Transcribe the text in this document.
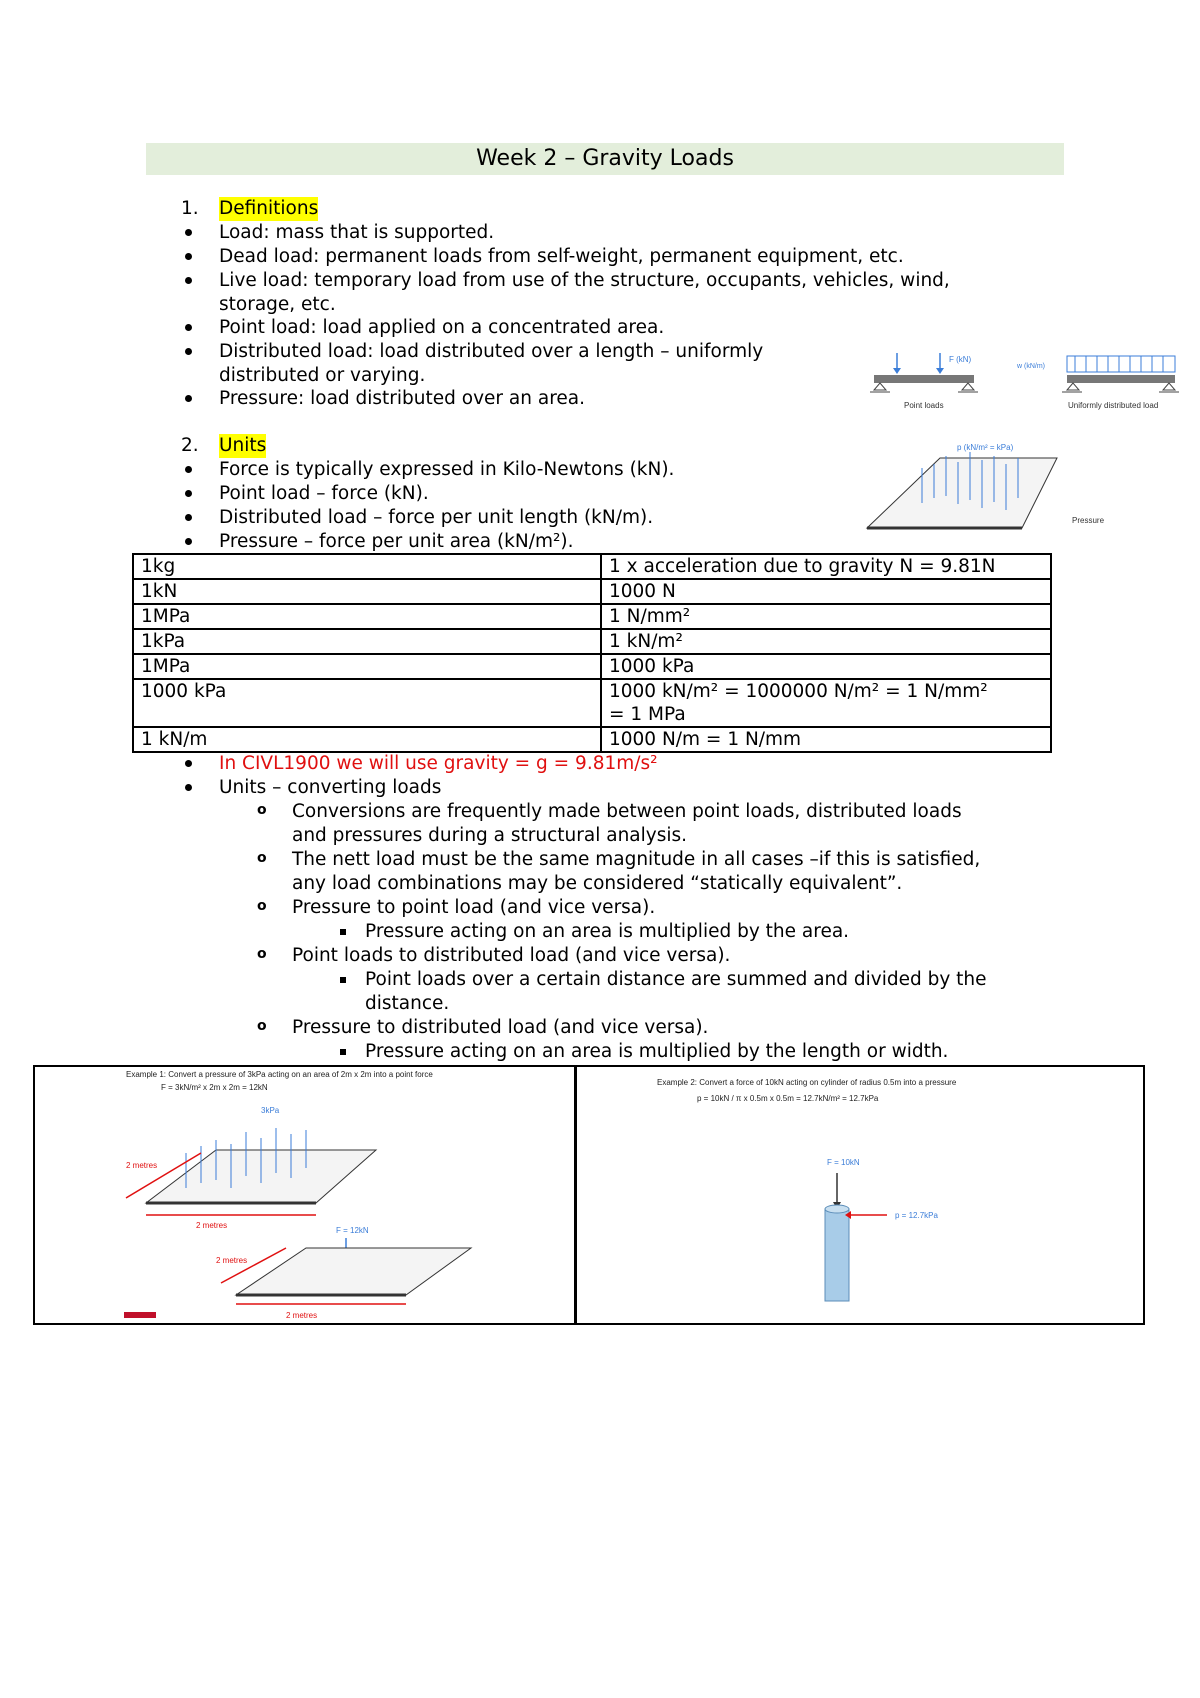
Week 2 – Gravity Loads
1. Definitions
Load: mass that is supported.
Dead load: permanent loads from self-weight, permanent equipment, etc.
Live load: temporary load from use of the structure, occupants, vehicles, wind,
storage, etc.
Point load: load applied on a concentrated area.
Distributed load: load distributed over a length – uniformly
distributed or varying.
Pressure: load distributed over an area.
F (kN)
Point loads
w (kN/m)
Uniformly distributed load
2. Units
Force is typically expressed in Kilo-Newtons (kN).
Point load – force (kN).
Distributed load – force per unit length (kN/m).
Pressure – force per unit area (kN/m²).
p (kN/m² = kPa)
Pressure
1kg	1 x acceleration due to gravity N = 9.81N
1kN	1000 N
1MPa	1 N/mm²
1kPa	1 kN/m²
1MPa	1000 kPa
1000 kPa	1000 kN/m² = 1000000 N/m² = 1 N/mm²
= 1 MPa
1 kN/m	1000 N/m = 1 N/mm
In CIVL1900 we will use gravity = g = 9.81m/s²
Units – converting loads
o Conversions are frequently made between point loads, distributed loads
and pressures during a structural analysis.
o The nett load must be the same magnitude in all cases –if this is satisfied,
any load combinations may be considered “statically equivalent”.
o Pressure to point load (and vice versa).
Pressure acting on an area is multiplied by the area.
o Point loads to distributed load (and vice versa).
Point loads over a certain distance are summed and divided by the
distance.
o Pressure to distributed load (and vice versa).
Pressure acting on an area is multiplied by the length or width.
Example 1: Convert a pressure of 3kPa acting on an area of 2m x 2m into a point force
F = 3kN/m² x 2m x 2m = 12kN
3kPa
2 metres
2 metres
F = 12kN
2 metres
2 metres
Example 2: Convert a force of 10kN acting on cylinder of radius 0.5m into a pressure
p = 10kN / π x 0.5m x 0.5m = 12.7kN/m² = 12.7kPa
F = 10kN
p = 12.7kPa
